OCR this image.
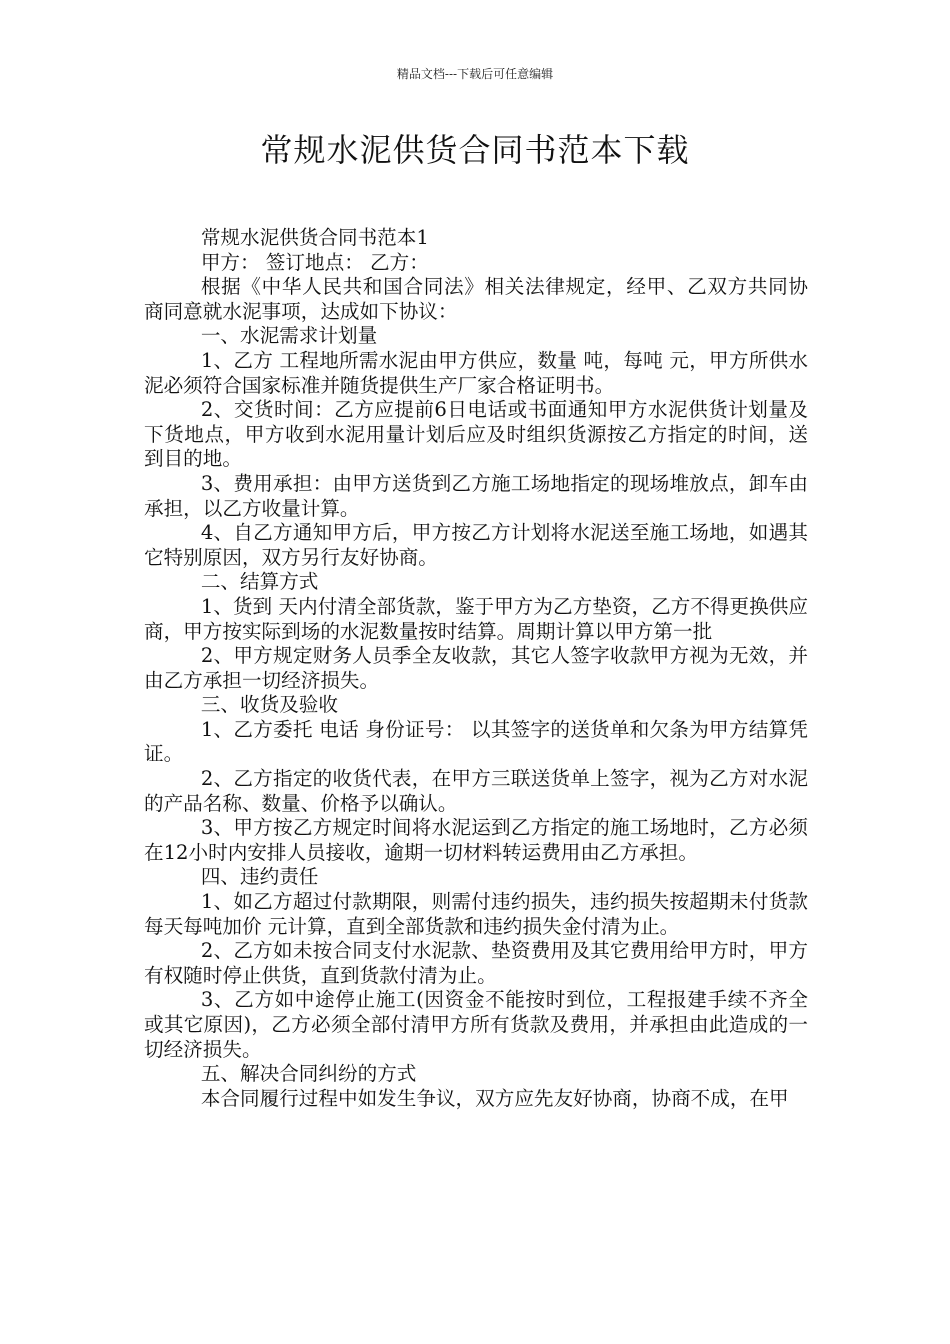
精品文档---下载后可任意编辑
常规水泥供货合同书范本下载

常规水泥供货合同书范本1

甲方： 签订地点： 乙方：

根据《中华人民共和国合同法》相关法律规定，经甲、乙双方共同协商同意就水泥事项，达成如下协议：

一、水泥需求计划量

1、乙方 工程地所需水泥由甲方供应，数量 吨，每吨 元，甲方所供水泥必须符合国家标准并随货提供生产厂家合格证明书。

2、交货时间：乙方应提前6日电话或书面通知甲方水泥供货计划量及下货地点，甲方收到水泥用量计划后应及时组织货源按乙方指定的时间，送到目的地。

3、费用承担：由甲方送货到乙方施工场地指定的现场堆放点，卸车由 承担，以乙方收量计算。

4、自乙方通知甲方后，甲方按乙方计划将水泥送至施工场地，如遇其它特别原因，双方另行友好协商。

二、结算方式

1、货到 天内付清全部货款，鉴于甲方为乙方垫资，乙方不得更换供应商，甲方按实际到场的水泥数量按时结算。周期计算以甲方第一批

2、甲方规定财务人员季全友收款，其它人签字收款甲方视为无效，并由乙方承担一切经济损失。

三、收货及验收

1、乙方委托 电话 身份证号： 以其签字的送货单和欠条为甲方结算凭证。

2、乙方指定的收货代表，在甲方三联送货单上签字，视为乙方对水泥的产品名称、数量、价格予以确认。

3、甲方按乙方规定时间将水泥运到乙方指定的施工场地时，乙方必须在12小时内安排人员接收，逾期一切材料转运费用由乙方承担。

四、违约责任

1、如乙方超过付款期限，则需付违约损失，违约损失按超期未付货款每天每吨加价 元计算，直到全部货款和违约损失金付清为止。

2、乙方如未按合同支付水泥款、垫资费用及其它费用给甲方时，甲方有权随时停止供货，直到货款付清为止。

3、乙方如中途停止施工(因资金不能按时到位，工程报建手续不齐全或其它原因)，乙方必须全部付清甲方所有货款及费用，并承担由此造成的一切经济损失。

五、解决合同纠纷的方式

本合同履行过程中如发生争议，双方应先友好协商，协商不成，在甲
